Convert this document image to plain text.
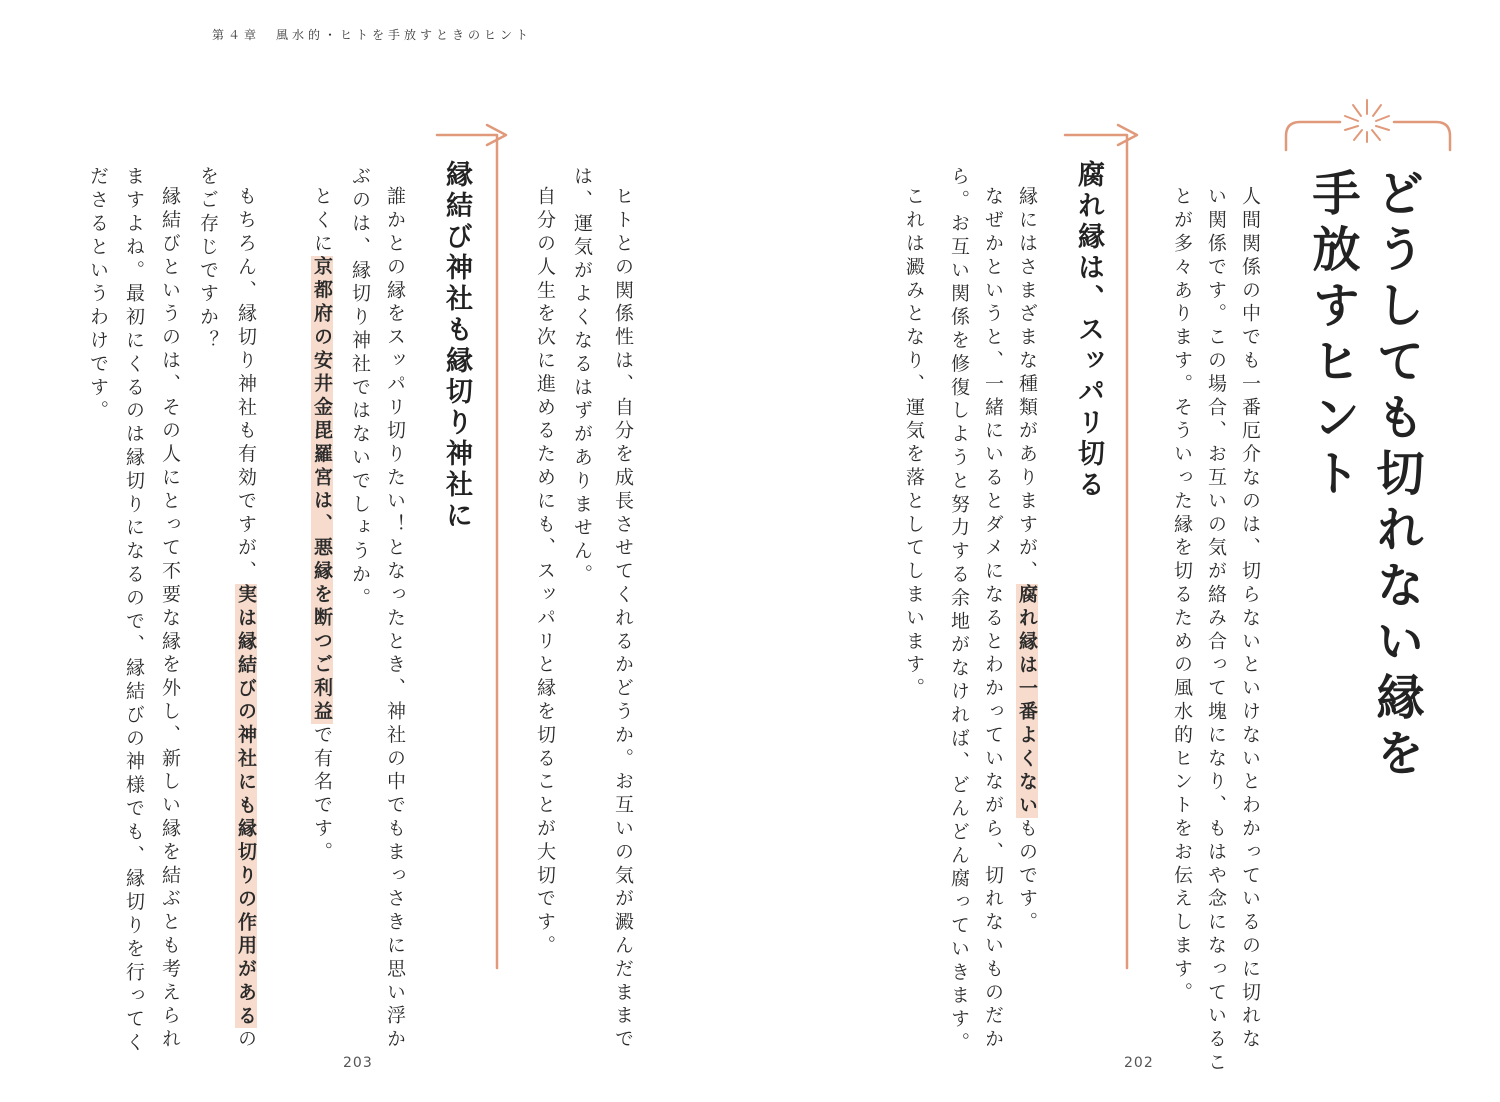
第４章　風水的・ヒトを手放すときのヒント
どうしても切れない縁を
手放すヒント
人間関係の中でも一番厄介なのは、切らないといけないとわかっているのに切れな
い関係です。この場合、お互いの気が絡み合って塊になり、もはや念になっているこ
とが多々あります。そういった縁を切るための風水的ヒントをお伝えします。
腐れ縁は、スッパリ切る
縁にはさまざまな種類がありますが、腐れ縁は一番よくないものです。
なぜかというと、一緒にいるとダメになるとわかっていながら、切れないものだか
ら。お互い関係を修復しようと努力する余地がなければ、どんどん腐っていきます。
これは澱みとなり、運気を落としてしまいます。
202
ヒトとの関係性は、自分を成長させてくれるかどうか。お互いの気が澱んだままで
は、運気がよくなるはずがありません。
自分の人生を次に進めるためにも、スッパリと縁を切ることが大切です。
縁結び神社も縁切り神社に
誰かとの縁をスッパリ切りたい！となったとき、神社の中でもまっさきに思い浮か
ぶのは、縁切り神社ではないでしょうか。
とくに京都府の安井金毘羅宮は、悪縁を断つご利益で有名です。
もちろん、縁切り神社も有効ですが、実は縁結びの神社にも縁切りの作用があるの
をご存じですか？
縁結びというのは、その人にとって不要な縁を外し、新しい縁を結ぶとも考えられ
ますよね。最初にくるのは縁切りになるので、縁結びの神様でも、縁切りを行ってく
ださるというわけです。
203
